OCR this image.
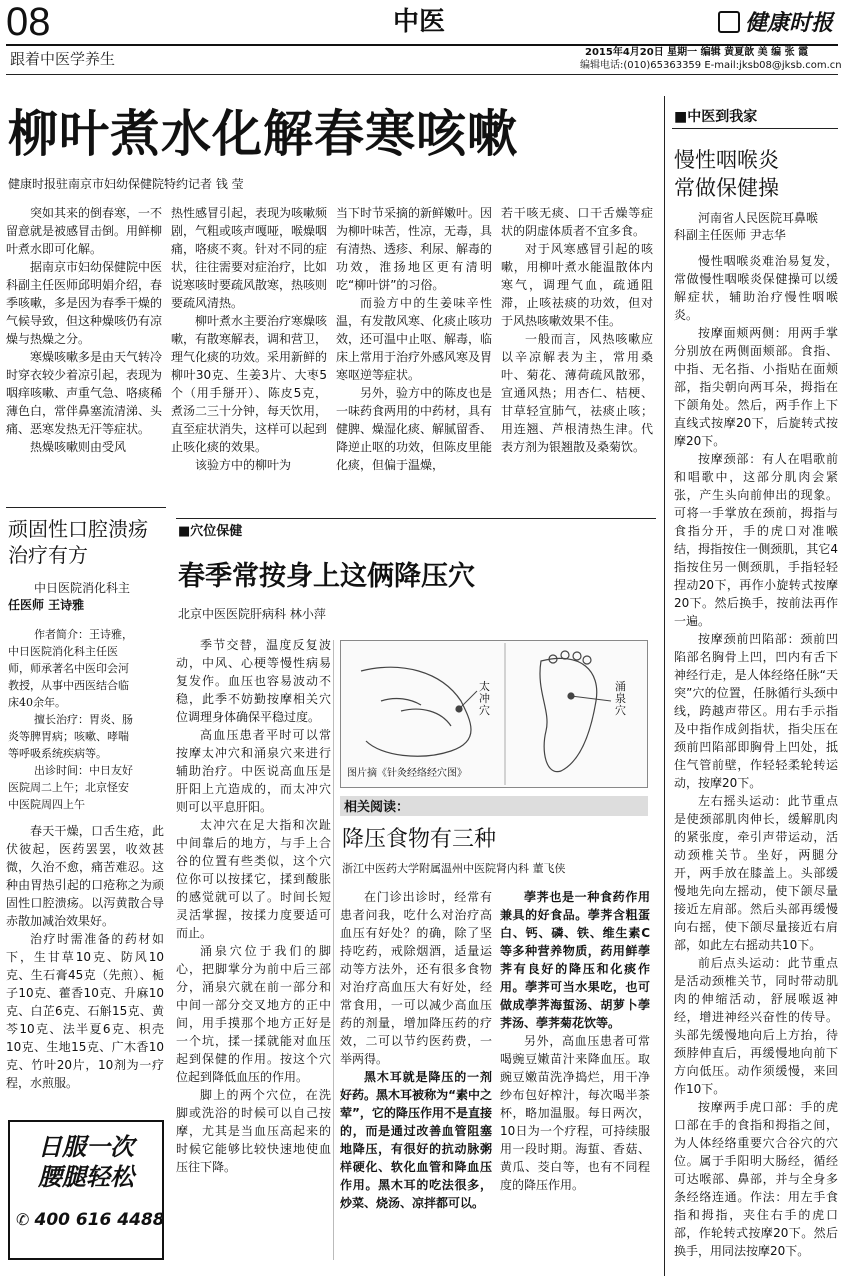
08	中医	健康时报
跟着中医学养生	2015年4月20日 星期一 编辑 黄夏歆 美 编 张 霞
编辑电话:(010)65363359 E-mail:jksb08@jksb.com.cn
柳叶煮水化解春寒咳嗽
健康时报驻南京市妇幼保健院特约记者 钱 莹

突如其来的倒春寒，一不留意就是被感冒击倒。用鲜柳叶煮水即可化解。

据南京市妇幼保健院中医科副主任医师邱明娟介绍，春季咳嗽，多是因为春季干燥的气候导致，但这种燥咳仍有凉燥与热燥之分。

寒燥咳嗽多是由天气转冷时穿衣较少着凉引起，表现为咽痒咳嗽、声重气急、咯痰稀薄色白，常伴鼻塞流清涕、头痛、恶寒发热无汗等症状。

热燥咳嗽则由受风

热性感冒引起，表现为咳嗽频剧，气粗或咳声嘎哑，喉燥咽痛，咯痰不爽。针对不同的症状，往往需要对症治疗，比如说寒咳时要疏风散寒，热咳则要疏风清热。

柳叶煮水主要治疗寒燥咳嗽，有散寒解表，调和营卫，理气化痰的功效。采用新鲜的柳叶30克、生姜3片、大枣5个（用手掰开）、陈皮5克，煮汤二三十分钟，每天饮用，直至症状消失，这样可以起到止咳化痰的效果。

该验方中的柳叶为

当下时节采摘的新鲜嫩叶。因为柳叶味苦，性凉，无毒，具有清热、透疹、利尿、解毒的功效，淮扬地区更有清明吃“柳叶饼”的习俗。

而验方中的生姜味辛性温，有发散风寒、化痰止咳功效，还可温中止呕、解毒，临床上常用于治疗外感风寒及胃寒呕逆等症状。

另外，验方中的陈皮也是一味药食两用的中药材，具有健脾、燥湿化痰、解腻留香、降逆止呕的功效，但陈皮里能化痰，但偏于温燥，

若干咳无痰、口干舌燥等症状的阴虚体质者不宜多食。

对于风寒感冒引起的咳嗽，用柳叶煮水能温散体内寒气，调理气血，疏通阻滞，止咳祛痰的功效，但对于风热咳嗽效果不佳。

一般而言，风热咳嗽应以辛凉解表为主，常用桑叶、菊花、薄荷疏风散邪，宣通风热；用杏仁、桔梗、甘草轻宣肺气，祛痰止咳；用连翘、芦根清热生津。代表方剂为银翘散及桑菊饮。

顽固性口腔溃疡
治疗有方
中日医院消化科主
任医师 王诗雅
作者简介：王诗雅，
中日医院消化科主任医
师，师承著名中医印会河
教授，从事中西医结合临
床40余年。
擅长治疗：胃炎、肠
炎等脾胃病；咳嗽、哮喘
等呼吸系统疾病等。
出诊时间：中日友好
医院周二上午；北京怪安
中医院周四上午

春天干燥，口舌生疮，此伏彼起，医药罢罢，收效甚微，久治不愈，痛苦难忍。这种由胃热引起的口疮称之为顽固性口腔溃疡。以泻黄散合导赤散加减治效果好。

治疗时需准备的药材如下，生甘草10克、防风10克、生石膏45克（先煎）、栀子10克、藿香10克、升麻10克、白芷6克、石斛15克、黄芩10克、法半夏6克、枳壳10克、生地15克、广木香10克、竹叶20片，10剂为一疗程，水煎服。

日服一次
腰腿轻松
✆ 400 616 4488
■穴位保健
春季常按身上这俩降压穴
北京中医医院肝病科 林小萍

季节交替，温度反复波动，中风、心梗等慢性病易复发作。血压也容易波动不稳，此季不妨勤按摩相关穴位调理身体确保平稳过度。

高血压患者平时可以常按摩太冲穴和涌泉穴来进行辅助治疗。中医说高血压是肝阳上亢造成的，而太冲穴则可以平息肝阳。

太冲穴在足大指和次趾中间靠后的地方，与手上合谷的位置有些类似，这个穴位你可以按揉它，揉到酸胀的感觉就可以了。时间长短灵活掌握，按揉力度要适可而止。

涌泉穴位于我们的脚心，把脚掌分为前中后三部分，涌泉穴就在前一部分和中间一部分交叉地方的正中间，用手摸那个地方正好是一个坑，揉一揉就能对血压起到保健的作用。按这个穴位起到降低血压的作用。

脚上的两个穴位，在洗脚或洗浴的时候可以自己按摩，尤其是当血压高起来的时候它能够比较快速地使血压往下降。

太冲穴
涌泉穴
图片摘《针灸经络经穴图》
相关阅读：
降压食物有三种
浙江中医药大学附属温州中医院肾内科 董飞侠

在门诊出诊时，经常有患者问我，吃什么对治疗高血压有好处？的确，除了坚持吃药，戒除烟酒，适量运动等方法外，还有很多食物对治疗高血压大有好处，经常食用，一可以减少高血压药的剂量，增加降压药的疗效，二可以节约医药费，一举两得。

黑木耳就是降压的一剂好药。黑木耳被称为“素中之荤”，它的降压作用不是直接的，而是通过改善血管阻塞地降压，有很好的抗动脉粥样硬化、软化血管和降血压作用。黑木耳的吃法很多，炒菜、烧汤、凉拌都可以。

荸荠也是一种食药作用兼具的好食品。荸荠含粗蛋白、钙、磷、铁、维生素C等多种营养物质，药用鲜荸荠有良好的降压和化痰作用。荸荠可当水果吃，也可做成荸荠海蜇汤、胡萝卜荸荠汤、荸荠菊花饮等。

另外，高血压患者可常喝豌豆嫩苗汁来降血压。取豌豆嫩苗洗净捣烂，用干净纱布包好榨汁，每次喝半茶杯，略加温服。每日两次，10日为一个疗程，可持续服用一段时期。海蜇、香菇、黄瓜、茭白等，也有不同程度的降压作用。

■中医到我家
慢性咽喉炎
常做保健操
河南省人民医院耳鼻喉
科副主任医师 尹志华

慢性咽喉炎难治易复发，常做慢性咽喉炎保健操可以缓解症状，辅助治疗慢性咽喉炎。

按摩面颊两侧：用两手掌分别放在两侧面颊部。食指、中指、无名指、小指贴在面颊部，指尖朝向两耳朵，拇指在下颌角处。然后，两手作上下直线式按摩20下，后旋转式按摩20下。

按摩颈部：有人在唱歌前和唱歌中，这部分肌肉会紧张，产生头向前伸出的现象。可将一手掌放在颈前，拇指与食指分开，手的虎口对准喉结，拇指按住一侧颈肌，其它4指按住另一侧颈肌，手指轻轻捏动20下，再作小旋转式按摩20下。然后换手，按前法再作一遍。

按摩颈前凹陷部：颈前凹陷部名胸骨上凹，凹内有舌下神经行走，是人体经络任脉“天突”穴的位置，任脉循行头颈中线，跨越声带区。用右手示指及中指作成剑指状，指尖压在颈前凹陷部即胸骨上凹处，抵住气管前壁，作轻轻柔轮转运动，按摩20下。

左右摇头运动：此节重点是使颈部肌肉伸长，缓解肌肉的紧张度，牵引声带运动，活动颈椎关节。坐好，两腿分开，两手放在膝盖上。头部缓慢地先向左摇动，使下颌尽量接近左肩部。然后头部再缓慢向右摇，使下颌尽量接近右肩部，如此左右摇动共10下。

前后点头运动：此节重点是活动颈椎关节，同时带动肌肉的伸缩活动，舒展喉返神经，增进神经兴奋性的传导。头部先缓慢地向后上方抬，待颈脖伸直后，再缓慢地向前下方向低压。动作须缓慢，来回作10下。

按摩两手虎口部：手的虎口部在手的食指和拇指之间，为人体经络重要穴合谷穴的穴位。属于手阳明大肠经，循经可达喉部、鼻部，并与全身多条经络连通。作法：用左手食指和拇指，夹住右手的虎口部，作轮转式按摩20下。然后换手，用同法按摩20下。
